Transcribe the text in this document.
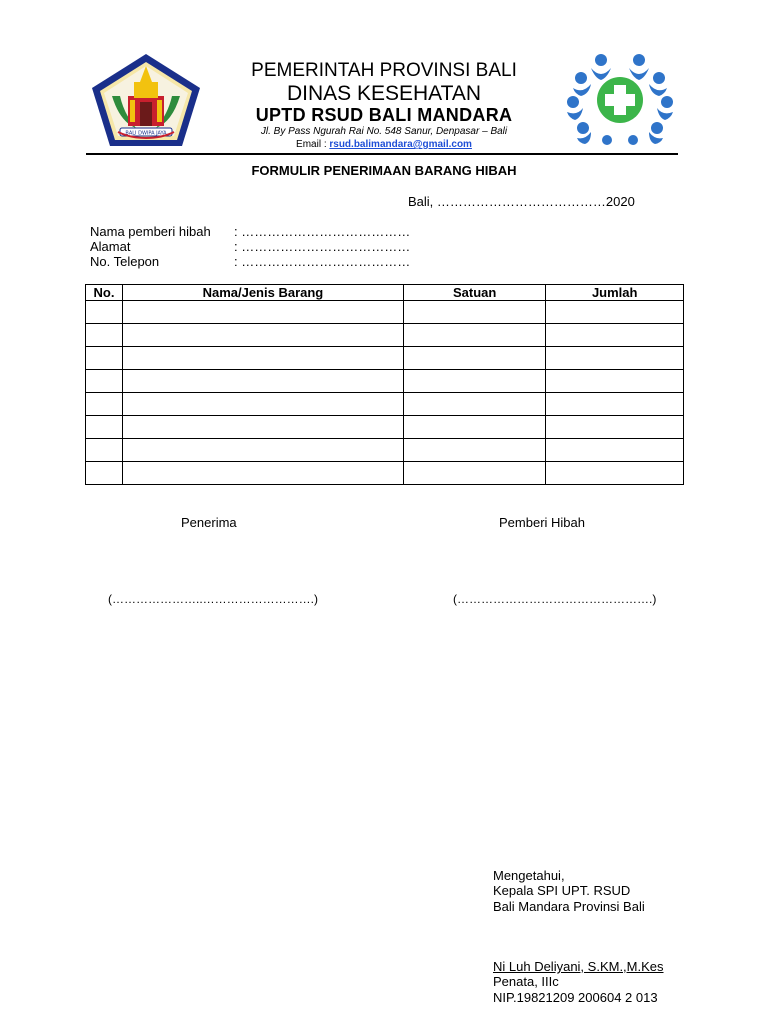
BALI DWIPA JAYA
PEMERINTAH PROVINSI BALI
DINAS KESEHATAN
UPTD RSUD BALI MANDARA
Jl. By Pass Ngurah Rai No. 548 Sanur, Denpasar – Bali
Email : rsud.balimandara@gmail.com
FORMULIR PENERIMAAN BARANG HIBAH
Bali, …………………………………2020
Nama pemberi hibah : …………………………………
Alamat	: …………………………………
No. Telepon	: …………………………………
No.	Nama/Jenis Barang	Satuan	Jumlah

Penerima	Pemberi Hibah
(…………………..……………………….)	(………………………………………….)
Mengetahui,
Kepala SPI UPT. RSUD
Bali Mandara Provinsi Bali
Ni Luh Deliyani, S.KM.,M.Kes
Penata, IIIc
NIP.19821209 200604 2 013
